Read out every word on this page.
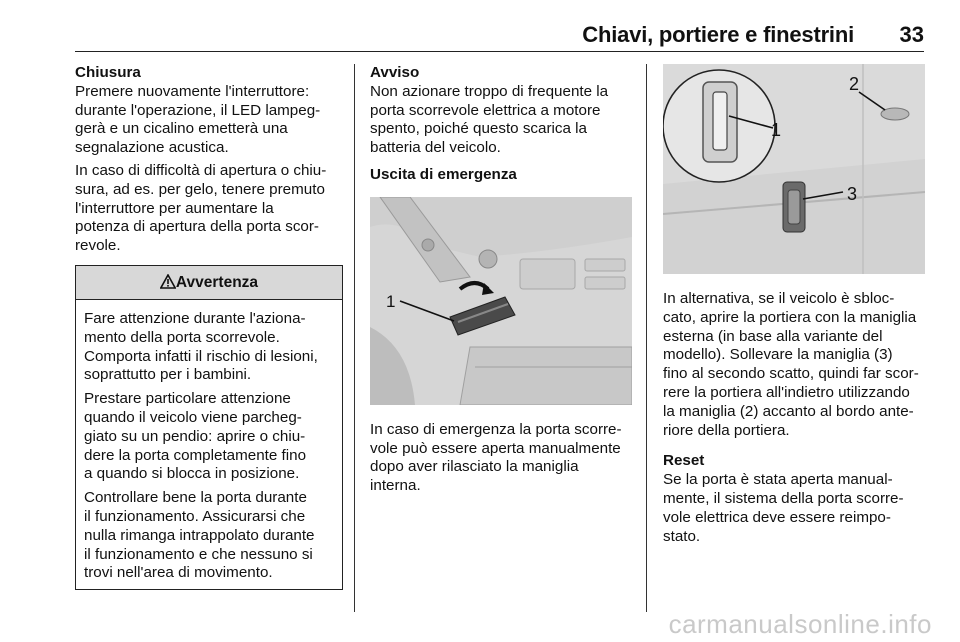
Chiavi, portiere e finestrini 33
Chiusura

Premere nuovamente l'interruttore:
durante l'operazione, il LED lampeg-
gerà e un cicalino emetterà una
segnalazione acustica.

In caso di difficoltà di apertura o chiu-
sura, ad es. per gelo, tenere premuto
l'interruttore per aumentare la
potenza di apertura della porta scor-
revole.

Avvertenza

Fare attenzione durante l'aziona-
mento della porta scorrevole.
Comporta infatti il rischio di lesioni,
soprattutto per i bambini.

Prestare particolare attenzione
quando il veicolo viene parcheg-
giato su un pendio: aprire o chiu-
dere la porta completamente fino
a quando si blocca in posizione.

Controllare bene la porta durante
il funzionamento. Assicurarsi che
nulla rimanga intrappolato durante
il funzionamento e che nessuno si
trovi nell'area di movimento.

Avviso

Non azionare troppo di frequente la
porta scorrevole elettrica a motore
spento, poiché questo scarica la
batteria del veicolo.

Uscita di emergenza
1

In caso di emergenza la porta scorre-
vole può essere aperta manualmente
dopo aver rilasciato la maniglia
interna.

1
2
3

In alternativa, se il veicolo è sbloc-
cato, aprire la portiera con la maniglia
esterna (in base alla variante del
modello). Sollevare la maniglia (3)
fino al secondo scatto, quindi far scor-
rere la portiera all'indietro utilizzando
la maniglia (2) accanto al bordo ante-
riore della portiera.

Reset

Se la porta è stata aperta manual-
mente, il sistema della porta scorre-
vole elettrica deve essere reimpo-
stato.

carmanualsonline.info
